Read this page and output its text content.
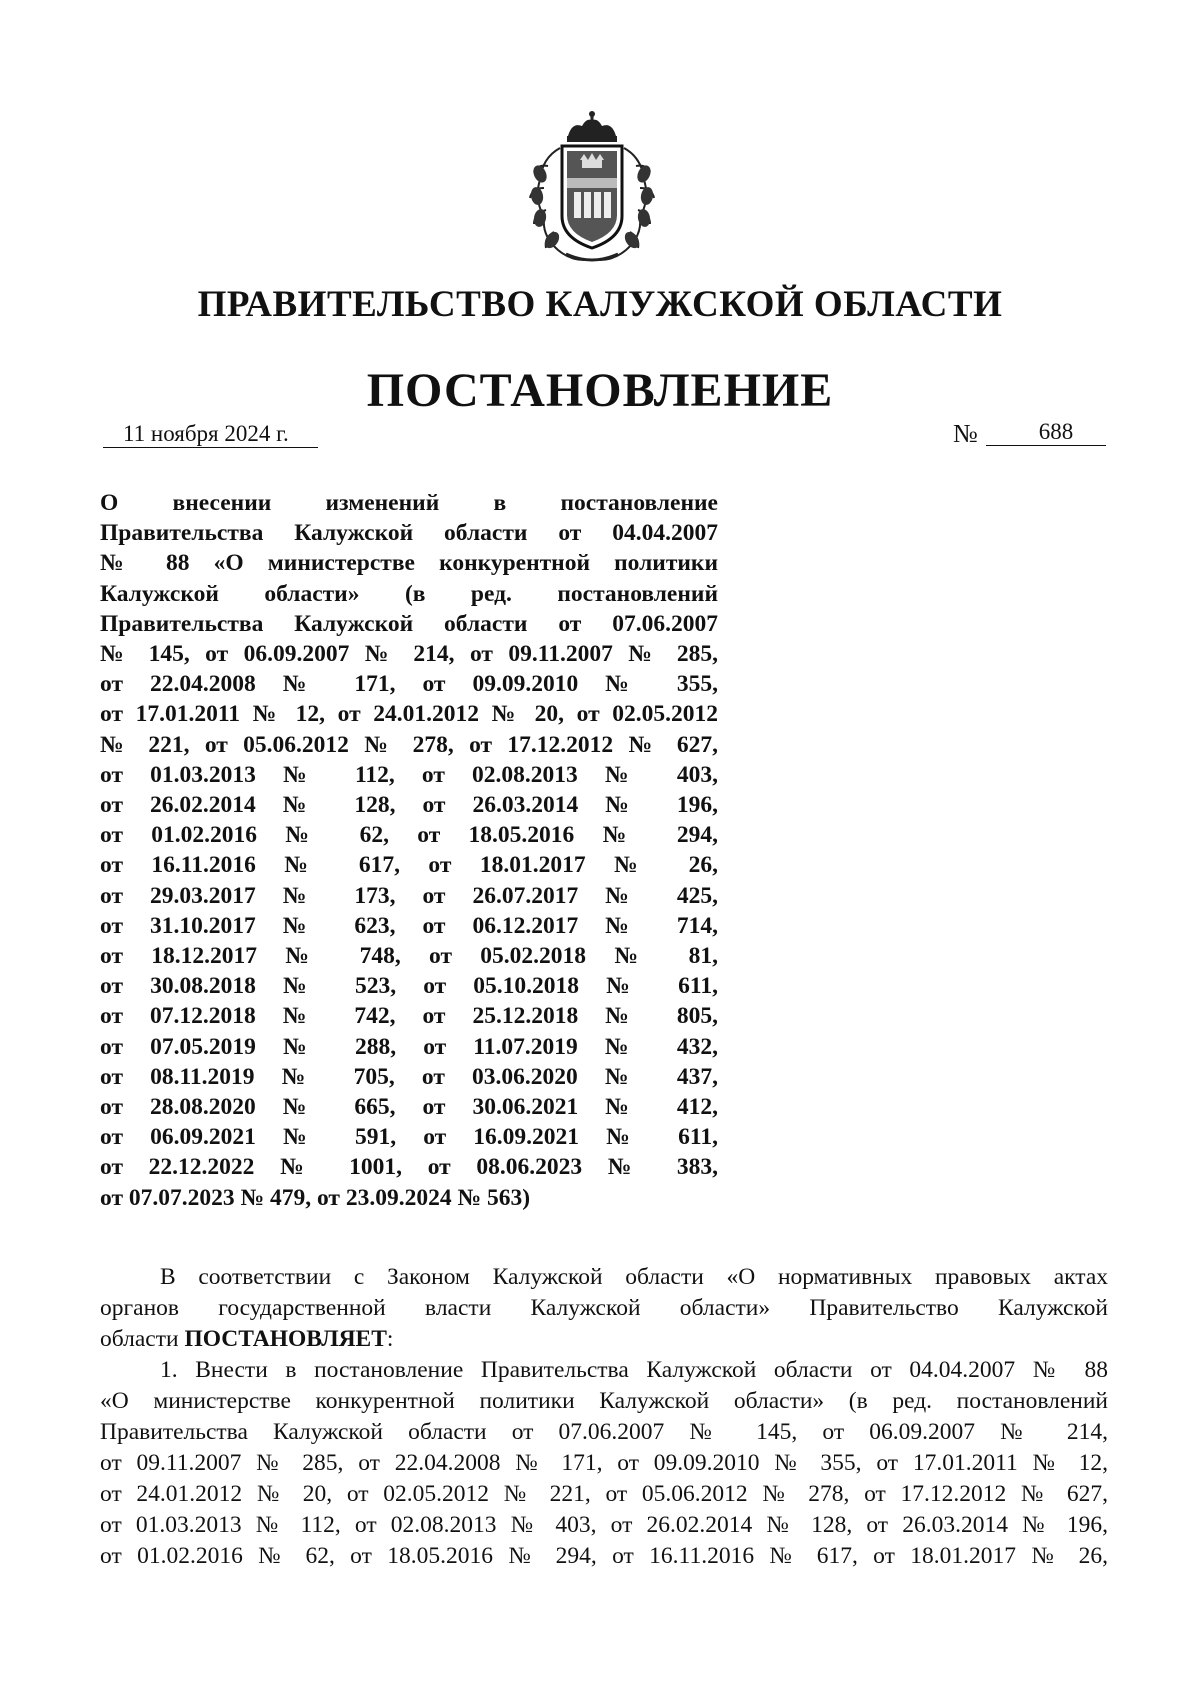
ПРАВИТЕЛЬСТВО КАЛУЖСКОЙ ОБЛАСТИ
ПОСТАНОВЛЕНИЕ
11 ноября 2024 г.	№	688
О внесении изменений в постановление
Правительства Калужской области от 04.04.2007
№ 88 «О министерстве конкурентной политики
Калужской области» (в ред. постановлений
Правительства Калужской области от 07.06.2007
№ 145, от 06.09.2007 № 214, от 09.11.2007 № 285,
от 22.04.2008 № 171, от 09.09.2010 № 355,
от 17.01.2011 № 12, от 24.01.2012 № 20, от 02.05.2012
№ 221, от 05.06.2012 № 278, от 17.12.2012 № 627,
от 01.03.2013 № 112, от 02.08.2013 № 403,
от 26.02.2014 № 128, от 26.03.2014 № 196,
от 01.02.2016 № 62, от 18.05.2016 № 294,
от 16.11.2016 № 617, от 18.01.2017 № 26,
от 29.03.2017 № 173, от 26.07.2017 № 425,
от 31.10.2017 № 623, от 06.12.2017 № 714,
от 18.12.2017 № 748, от 05.02.2018 № 81,
от 30.08.2018 № 523, от 05.10.2018 № 611,
от 07.12.2018 № 742, от 25.12.2018 № 805,
от 07.05.2019 № 288, от 11.07.2019 № 432,
от 08.11.2019 № 705, от 03.06.2020 № 437,
от 28.08.2020 № 665, от 30.06.2021 № 412,
от 06.09.2021 № 591, от 16.09.2021 № 611,
от 22.12.2022 № 1001, от 08.06.2023 № 383,
от 07.07.2023 № 479, от 23.09.2024 № 563)
В соответствии с Законом Калужской области «О нормативных правовых актах
органов государственной власти Калужской области» Правительство Калужской
области ПОСТАНОВЛЯЕТ:
1. Внести в постановление Правительства Калужской области от 04.04.2007 № 88
«О министерстве конкурентной политики Калужской области» (в ред. постановлений
Правительства Калужской области от 07.06.2007 № 145, от 06.09.2007 № 214,
от 09.11.2007 № 285, от 22.04.2008 № 171, от 09.09.2010 № 355, от 17.01.2011 № 12,
от 24.01.2012 № 20, от 02.05.2012 № 221, от 05.06.2012 № 278, от 17.12.2012 № 627,
от 01.03.2013 № 112, от 02.08.2013 № 403, от 26.02.2014 № 128, от 26.03.2014 № 196,
от 01.02.2016 № 62, от 18.05.2016 № 294, от 16.11.2016 № 617, от 18.01.2017 № 26,
